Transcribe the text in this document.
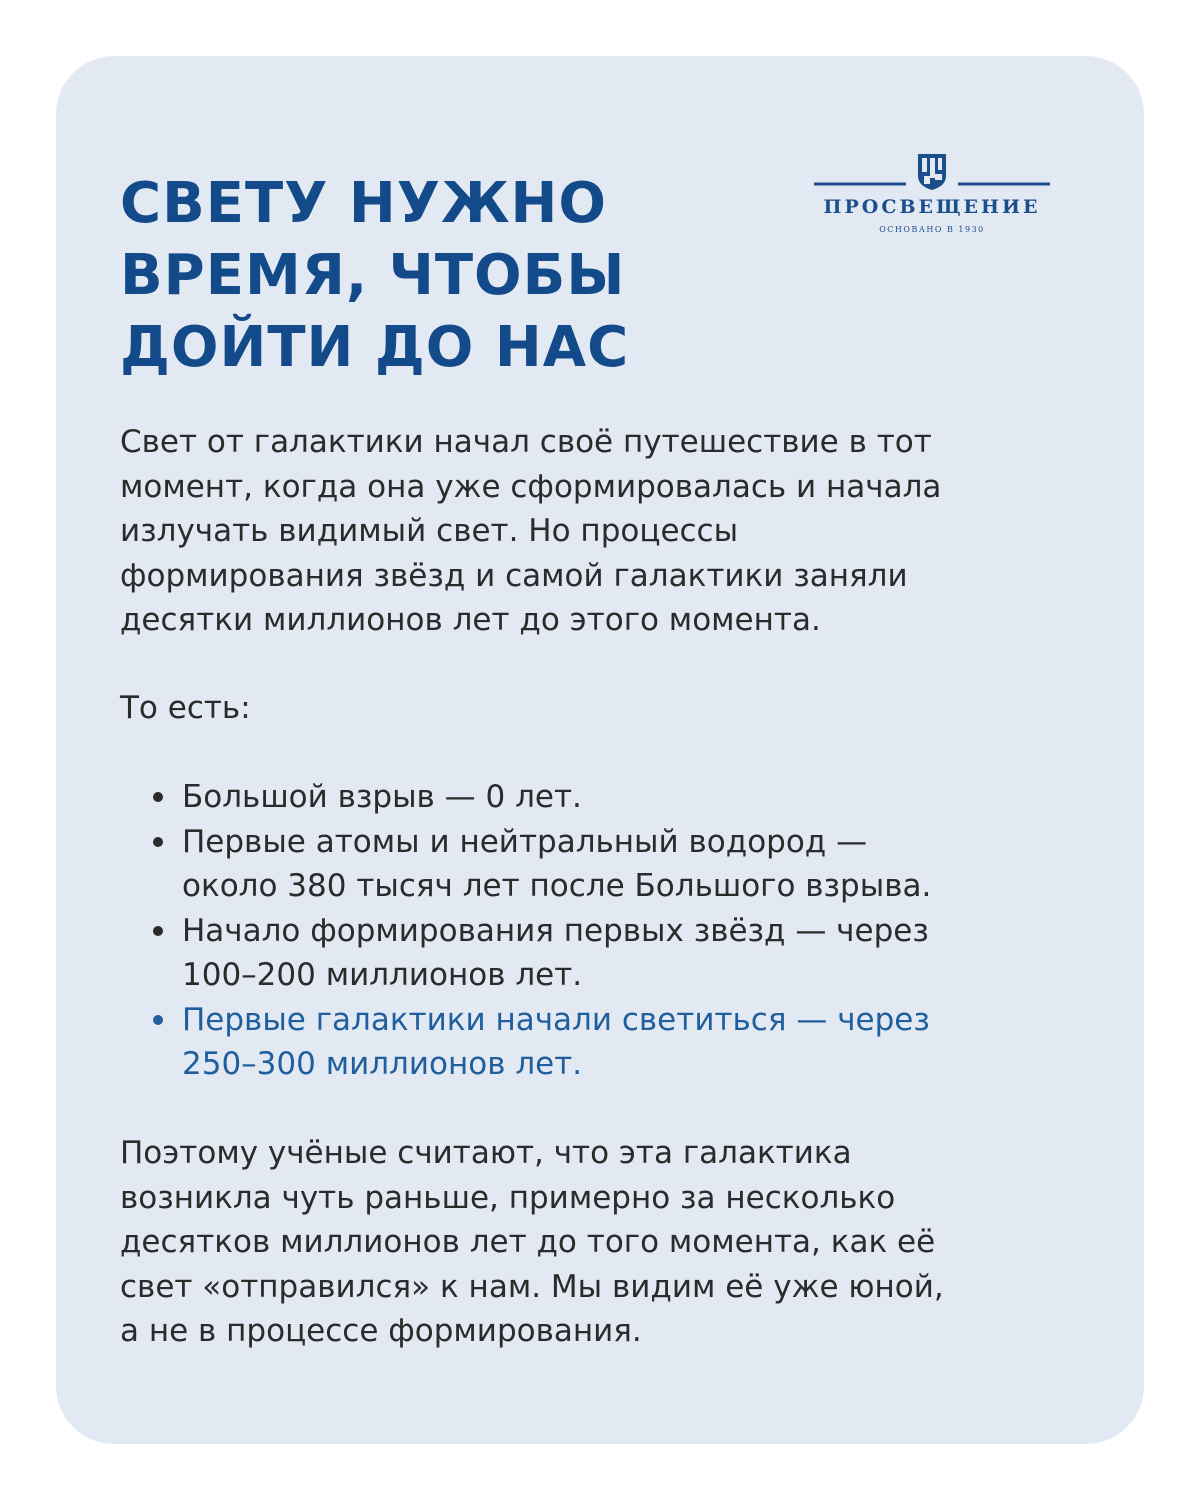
СВЕТУ НУЖНО
ВРЕМЯ, ЧТОБЫ
ДОЙТИ ДО НАС
ПРОСВЕЩЕНИЕ
ОСНОВАНО В 1930
Свет от галактики начал своё путешествие в тот
момент, когда она уже сформировалась и начала
излучать видимый свет. Но процессы
формирования звёзд и самой галактики заняли
десятки миллионов лет до этого момента.
То есть:
Большой взрыв — 0 лет.
Первые атомы и нейтральный водород —
около 380 тысяч лет после Большого взрыва.
Начало формирования первых звёзд — через
100–200 миллионов лет.
Первые галактики начали светиться — через
250–300 миллионов лет.
Поэтому учёные считают, что эта галактика
возникла чуть раньше, примерно за несколько
десятков миллионов лет до того момента, как её
свет «отправился» к нам. Мы видим её уже юной,
а не в процессе формирования.
